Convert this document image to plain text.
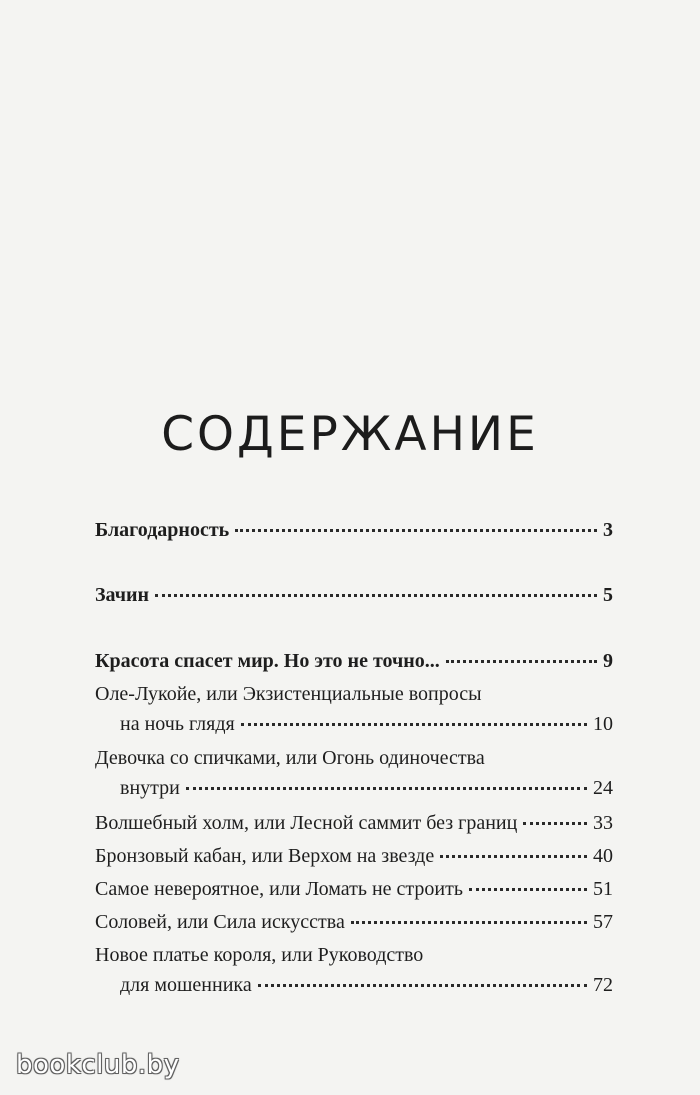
СОДЕРЖАНИЕ
Благодарность	3
Зачин	5
Красота спасет мир. Но это не точно...	9
Оле-Лукойе, или Экзистенциальные вопросы
на ночь глядя	10
Девочка со спичками, или Огонь одиночества
внутри	24
Волшебный холм, или Лесной саммит без границ	33
Бронзовый кабан, или Верхом на звезде	40
Самое невероятное, или Ломать не строить	51
Соловей, или Сила искусства	57
Новое платье короля, или Руководство
для мошенника	72
bookclub.by
